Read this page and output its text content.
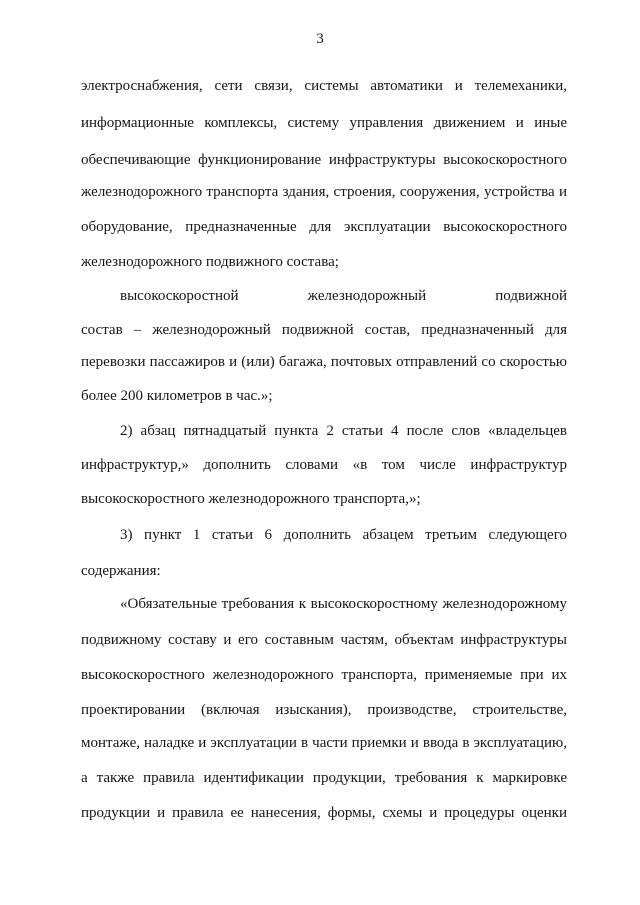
3
электроснабжения, сети связи, системы автоматики и телемеханики,
информационные комплексы, систему управления движением и иные
обеспечивающие функционирование инфраструктуры высокоскоростного
железнодорожного транспорта здания, строения, сооружения, устройства и
оборудование, предназначенные для эксплуатации высокоскоростного
железнодорожного подвижного состава;
высокоскоростной железнодорожный подвижной
состав – железнодорожный подвижной состав, предназначенный для
перевозки пассажиров и (или) багажа, почтовых отправлений со скоростью
более 200 километров в час.»;
2) абзац пятнадцатый пункта 2 статьи 4 после слов «владельцев
инфраструктур,» дополнить словами «в том числе инфраструктур
высокоскоростного железнодорожного транспорта,»;
3) пункт 1 статьи 6 дополнить абзацем третьим следующего
содержания:
«Обязательные требования к высокоскоростному железнодорожному
подвижному составу и его составным частям, объектам инфраструктуры
высокоскоростного железнодорожного транспорта, применяемые при их
проектировании (включая изыскания), производстве, строительстве,
монтаже, наладке и эксплуатации в части приемки и ввода в эксплуатацию,
а также правила идентификации продукции, требования к маркировке
продукции и правила ее нанесения, формы, схемы и процедуры оценки
